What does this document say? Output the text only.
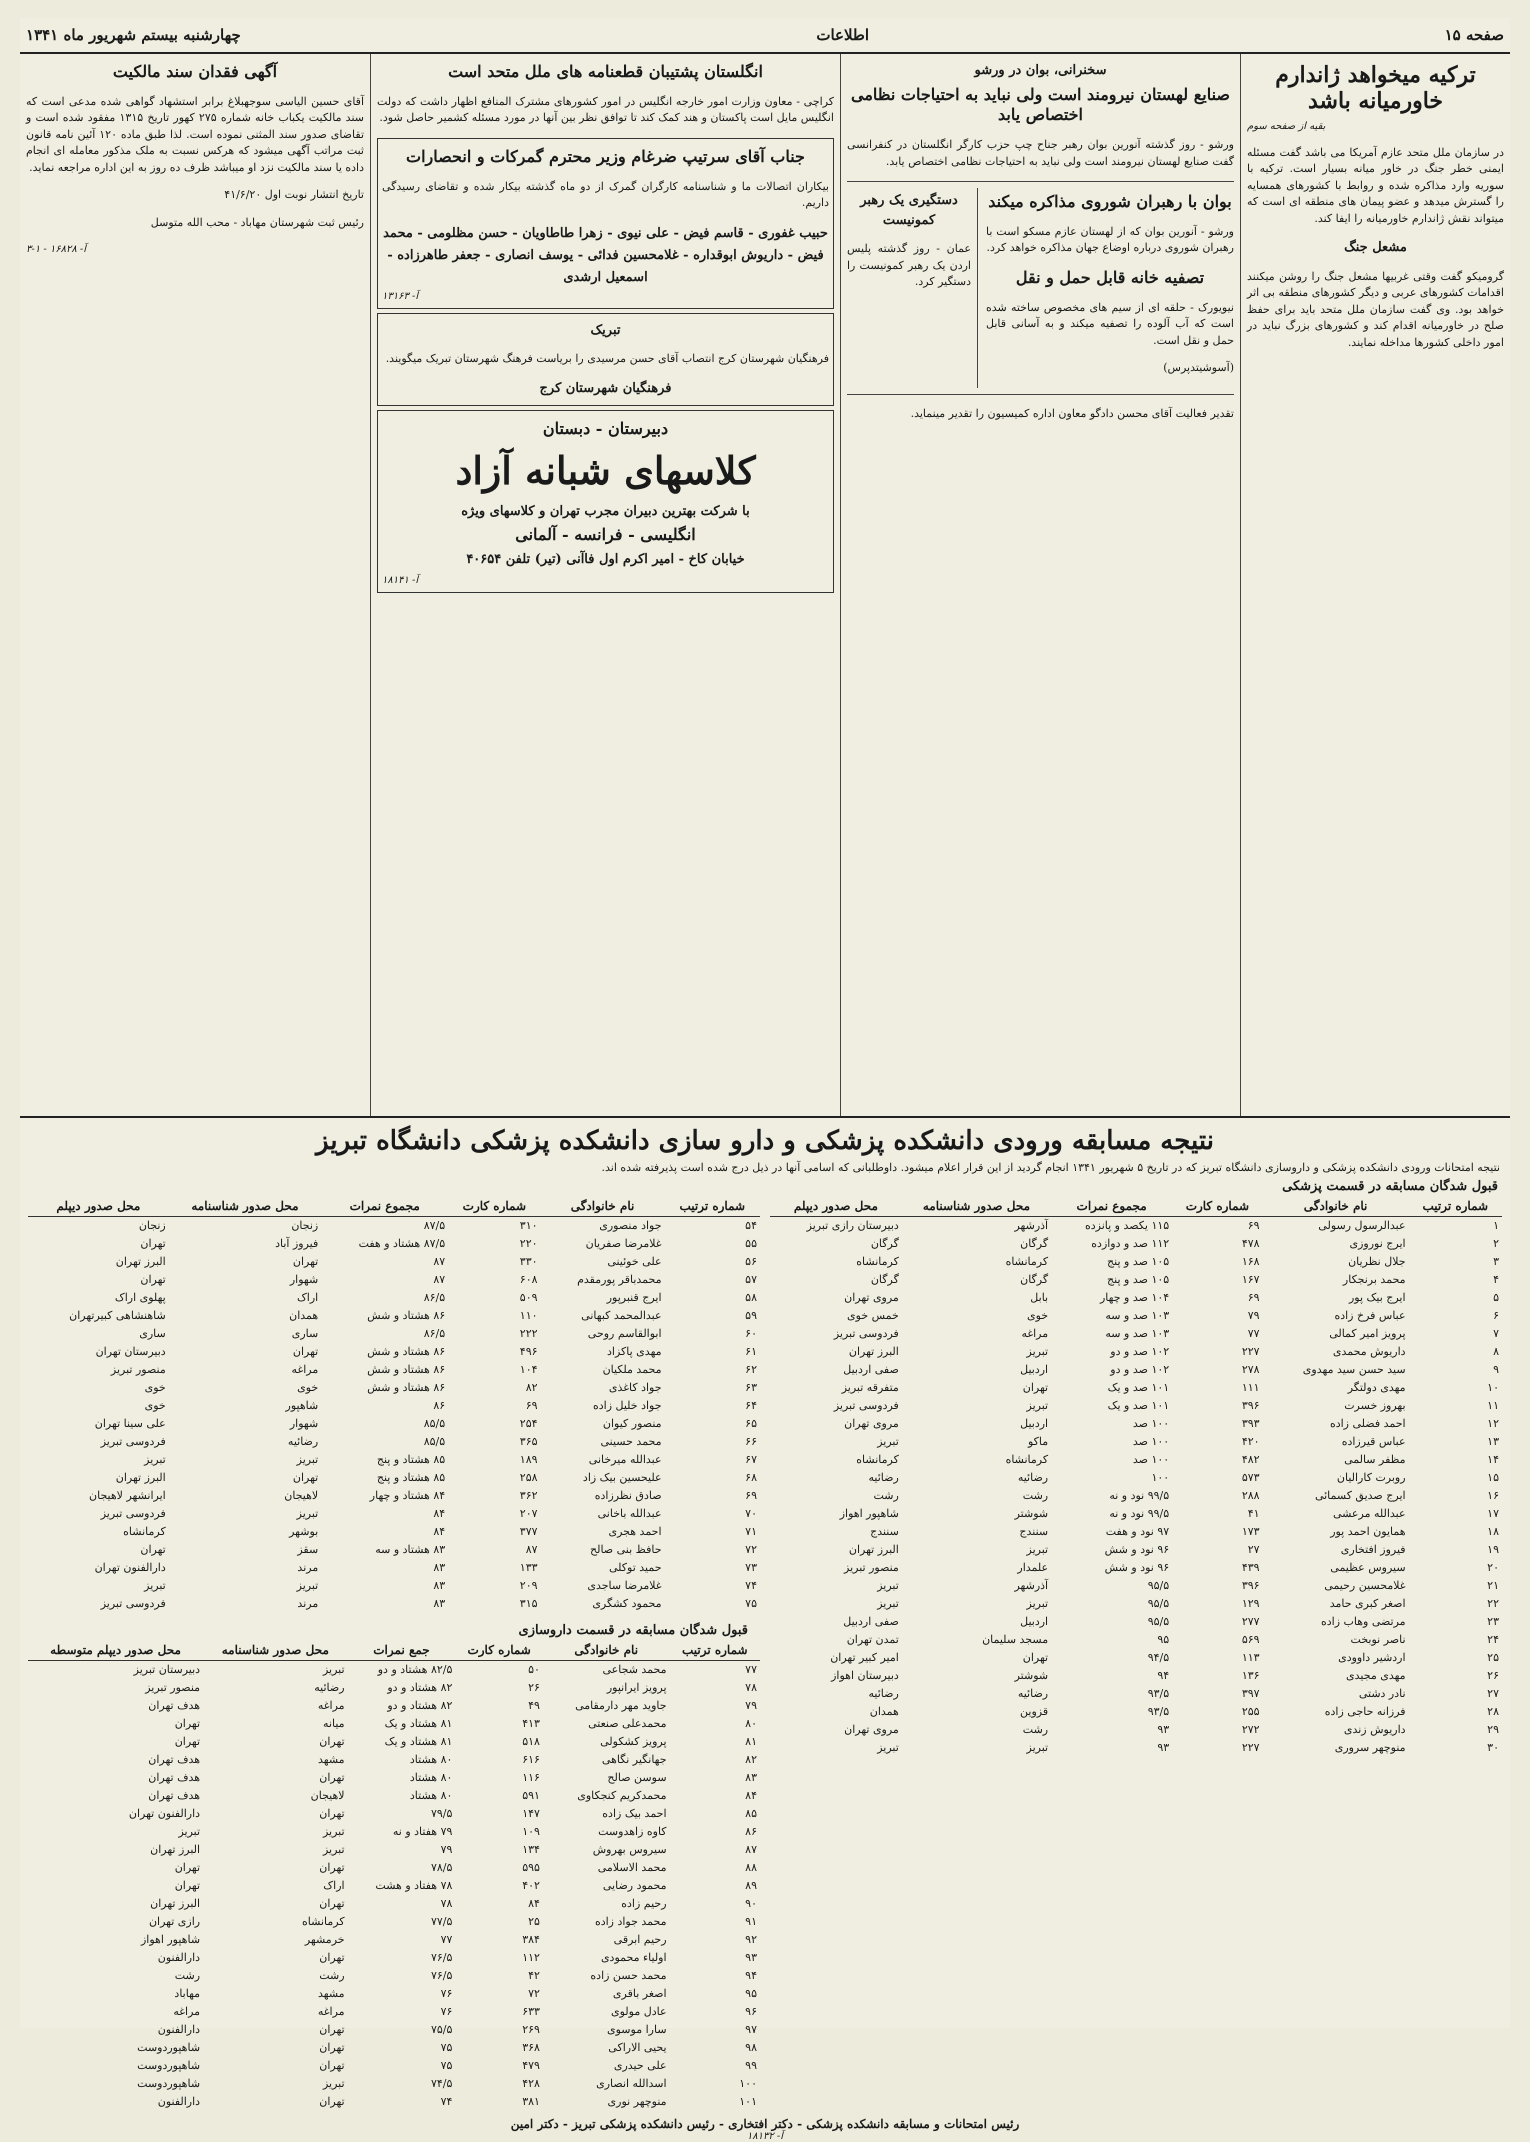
صفحه ۱۵
اطلاعات
چهارشنبه بیستم شهریور ماه ۱۳۴۱
ترکیه میخواهد ژاندارم خاورمیانه باشد
بقیه از صفحه سوم

در سازمان ملل متحد عازم آمریکا می باشد گفت مسئله ایمنی خطر جنگ در خاور میانه بسیار است. ترکیه با سوریه وارد مذاکره شده و روابط با کشورهای همسایه را گسترش میدهد و عضو پیمان های منطقه ای است که میتواند نقش ژاندارم خاورمیانه را ایفا کند.

مشعل جنگ

گرومیکو گفت وقتی غربیها مشعل جنگ را روشن میکنند اقدامات کشورهای عربی و دیگر کشورهای منطقه بی اثر خواهد بود. وی گفت سازمان ملل متحد باید برای حفظ صلح در خاورمیانه اقدام کند و کشورهای بزرگ نباید در امور داخلی کشورها مداخله نمایند.

سخنرانی، بوان در ورشو
صنایع لهستان نیرومند است ولی نباید به احتیاجات نظامی اختصاص یابد

ورشو - روز گذشته آنورین بوان رهبر جناح چپ حزب کارگر انگلستان در کنفرانسی گفت صنایع لهستان نیرومند است ولی نباید به احتیاجات نظامی اختصاص یابد.

بوان با رهبران شوروی مذاکره میکند

ورشو - آنورین بوان که از لهستان عازم مسکو است با رهبران شوروی درباره اوضاع جهان مذاکره خواهد کرد.

تصفیه خانه قابل حمل و نقل

نیویورک - حلقه ای از سیم های مخصوص ساخته شده است که آب آلوده را تصفیه میکند و به آسانی قابل حمل و نقل است.

(آسوشیتدپرس)

دستگیری یک رهبر کمونیست

عمان - روز گذشته پلیس اردن یک رهبر کمونیست را دستگیر کرد.

تقدیر فعالیت آقای محسن دادگو معاون اداره کمیسیون را تقدیر مینماید.

انگلستان پشتیبان قطعنامه های ملل متحد است

کراچی - معاون وزارت امور خارجه انگلیس در امور کشورهای مشترک المنافع اظهار داشت که دولت انگلیس مایل است پاکستان و هند کمک کند تا توافق نظر بین آنها در مورد مسئله کشمیر حاصل شود.

جناب آقای سرتیپ ضرغام وزیر محترم گمرکات و انحصارات

بیکاران اتصالات ما و شناسنامه کارگران گمرک از دو ماه گذشته بیکار شده و تقاضای رسیدگی داریم.

حبیب غفوری - قاسم فیض - علی نیوی - زهرا طاطاویان - حسن مظلومی - محمد فیض - داریوش ابوقداره - غلامحسین فدائی - یوسف انصاری - جعفر طاهرزاده - اسمعیل ارشدی
آ- ۱۳۱۶۳
تبریک

فرهنگیان شهرستان کرج انتصاب آقای حسن مرسیدی را بریاست فرهنگ شهرستان تبریک میگویند.

فرهنگیان شهرستان کرج
دبیرستان - دبستان
کلاسهای شبانه آزاد
با شرکت بهترین دبیران مجرب تهران و کلاسهای ویژه
انگلیسی - فرانسه - آلمانی
خیابان کاخ - امیر اکرم اول فاآنی (تیر) تلفن ۴۰۶۵۴
آ- ۱۸۱۴۱
آگهی فقدان سند مالکیت

آقای حسین الیاسی سوجهبلاغ برابر استشهاد گواهی شده مدعی است که سند مالکیت یکباب خانه شماره ۲۷۵ کهور تاریخ ۱۳۱۵ مفقود شده است و تقاضای صدور سند المثنی نموده است. لذا طبق ماده ۱۲۰ آئین نامه قانون ثبت مراتب آگهی میشود که هرکس نسبت به ملک مذکور معامله ای انجام داده یا سند مالکیت نزد او میباشد ظرف ده روز به این اداره مراجعه نماید.

تاریخ انتشار نوبت اول ۴۱/۶/۲۰

رئیس ثبت شهرستان مهاباد - محب الله متوسل

آ- ۱۶۸۲۸ - ۱-۳
نتیجه مسابقه ورودی دانشکده پزشکی و دارو سازی دانشکده پزشکی دانشگاه تبریز
نتیجه امتحانات ورودی دانشکده پزشکی و داروسازی دانشگاه تبریز که در تاریخ ۵ شهریور ۱۳۴۱ انجام گردید از این قرار اعلام میشود. داوطلبانی که اسامی آنها در ذیل درج شده است پذیرفته شده اند.
قبول شدگان مسابقه در قسمت پزشکی
شماره ترتیب	نام خانوادگی	شماره کارت	مجموع نمرات	محل صدور شناسنامه	محل صدور دیپلم
۱	عبدالرسول رسولی	۶۹	۱۱۵ یکصد و پانزده	آذرشهر	دبیرستان رازی تبریز
۲	ایرج نوروزی	۴۷۸	۱۱۲ صد و دوازده	گرگان	گرگان
۳	جلال نظریان	۱۶۸	۱۰۵ صد و پنج	کرمانشاه	کرمانشاه
۴	محمد برنجکار	۱۶۷	۱۰۵ صد و پنج	گرگان	گرگان
۵	ایرج بیک پور	۶۹	۱۰۴ صد و چهار	بابل	مروی تهران
۶	عباس فرخ زاده	۷۹	۱۰۳ صد و سه	خوی	خمس خوی
۷	پرویز امیر کمالی	۷۷	۱۰۳ صد و سه	مراغه	فردوسی تبریز
۸	داریوش محمدی	۲۲۷	۱۰۲ صد و دو	تبریز	البرز تهران
۹	سید حسن سید مهدوی	۲۷۸	۱۰۲ صد و دو	اردبیل	صفی اردبیل
۱۰	مهدی دولتگر	۱۱۱	۱۰۱ صد و یک	تهران	متفرقه تبریز
۱۱	بهروز خسرت	۳۹۶	۱۰۱ صد و یک	تبریز	فردوسی تبریز
۱۲	احمد فضلی زاده	۳۹۳	۱۰۰ صد	اردبیل	مروی تهران
۱۳	عباس قیرزاده	۴۲۰	۱۰۰ صد	ماکو	تبریز
۱۴	مظفر سالمی	۴۸۲	۱۰۰ صد	کرمانشاه	کرمانشاه
۱۵	روبرت کارالیان	۵۷۳	۱۰۰	رضائیه	رضائیه
۱۶	ایرج صدیق کسمائی	۲۸۸	۹۹/۵ نود و نه	رشت	رشت
۱۷	عبدالله مرعشی	۴۱	۹۹/۵ نود و نه	شوشتر	شاهپور اهواز
۱۸	همایون احمد پور	۱۷۳	۹۷ نود و هفت	سنندج	سنندج
۱۹	فیروز افتخاری	۲۷	۹۶ نود و شش	تبریز	البرز تهران
۲۰	سیروس عظیمی	۴۳۹	۹۶ نود و شش	علمدار	منصور تبریز
۲۱	غلامحسین رحیمی	۳۹۶	۹۵/۵	آذرشهر	تبریز
۲۲	اصغر کبری حامد	۱۲۹	۹۵/۵	تبریز	تبریز
۲۳	مرتضی وهاب زاده	۲۷۷	۹۵/۵	اردبیل	صفی اردبیل
۲۴	ناصر نوبخت	۵۶۹	۹۵	مسجد سلیمان	تمدن تهران
۲۵	اردشیر داوودی	۱۱۳	۹۴/۵	تهران	امیر کبیر تهران
۲۶	مهدی مجیدی	۱۳۶	۹۴	شوشتر	دبیرستان اهواز
۲۷	نادر دشتی	۳۹۷	۹۳/۵	رضائیه	رضائیه
۲۸	فرزانه حاجی زاده	۲۵۵	۹۳/۵	قزوین	همدان
۲۹	داریوش زندی	۲۷۲	۹۳	رشت	مروی تهران
۳۰	منوچهر سروری	۲۲۷	۹۳	تبریز	تبریز
شماره ترتیب	نام خانوادگی	شماره کارت	مجموع نمرات	محل صدور شناسنامه	محل صدور دیپلم
۵۴	جواد منصوری	۳۱۰	۸۷/۵	زنجان	زنجان
۵۵	غلامرضا صفریان	۲۲۰	۸۷/۵ هشتاد و هفت	فیروز آباد	تهران
۵۶	علی خوئینی	۳۳۰	۸۷	تهران	البرز تهران
۵۷	محمدباقر پورمقدم	۶۰۸	۸۷	شهوار	تهران
۵۸	ایرج قنبرپور	۵۰۹	۸۶/۵	اراک	پهلوی اراک
۵۹	عبدالمحمد کبهانی	۱۱۰	۸۶ هشتاد و شش	همدان	شاهنشاهی کبیرتهران
۶۰	ابوالقاسم روحی	۲۲۲	۸۶/۵	ساری	ساری
۶۱	مهدی پاکزاد	۴۹۶	۸۶ هشتاد و شش	تهران	دبیرستان تهران
۶۲	محمد ملکیان	۱۰۴	۸۶ هشتاد و شش	مراغه	منصور تبریز
۶۳	جواد کاغذی	۸۲	۸۶ هشتاد و شش	خوی	خوی
۶۴	جواد خلیل زاده	۶۹	۸۶	شاهپور	خوی
۶۵	منصور کیوان	۲۵۴	۸۵/۵	شهوار	علی سینا تهران
۶۶	محمد حسینی	۳۶۵	۸۵/۵	رضائیه	فردوسی تبریز
۶۷	عبدالله میرخانی	۱۸۹	۸۵ هشتاد و پنج	تبریز	تبریز
۶۸	علیحسین بیک زاد	۲۵۸	۸۵ هشتاد و پنج	تهران	البرز تهران
۶۹	صادق نظرزاده	۳۶۲	۸۴ هشتاد و چهار	لاهیجان	ایرانشهر لاهیجان
۷۰	عبدالله باخانی	۲۰۷	۸۴	تبریز	فردوسی تبریز
۷۱	احمد هجری	۳۷۷	۸۴	بوشهر	کرمانشاه
۷۲	حافظ بنی صالح	۸۷	۸۳ هشتاد و سه	سقز	تهران
۷۳	حمید توکلی	۱۳۳	۸۳	مرند	دارالفنون تهران
۷۴	غلامرضا ساجدی	۲۰۹	۸۳	تبریز	تبریز
۷۵	محمود کشگری	۳۱۵	۸۳	مرند	فردوسی تبریز
قبول شدگان مسابقه در قسمت داروسازی
شماره ترتیب	نام خانوادگی	شماره کارت	جمع نمرات	محل صدور شناسنامه	محل صدور دیپلم متوسطه
۷۷	محمد شجاعی	۵۰	۸۲/۵ هشتاد و دو	تبریز	دبیرستان تبریز
۷۸	پرویز ایرانپور	۲۶	۸۲ هشتاد و دو	رضائیه	منصور تبریز
۷۹	جاوید مهر دارمقامی	۴۹	۸۲ هشتاد و دو	مراغه	هدف تهران
۸۰	محمدعلی صنعتی	۴۱۳	۸۱ هشتاد و یک	میانه	تهران
۸۱	پرویز کشکولی	۵۱۸	۸۱ هشتاد و یک	تهران	تهران
۸۲	جهانگیر نگاهی	۶۱۶	۸۰ هشتاد	مشهد	هدف تهران
۸۳	سوسن صالح	۱۱۶	۸۰ هشتاد	تهران	هدف تهران
۸۴	محمدکریم کنجکاوی	۵۹۱	۸۰ هشتاد	لاهیجان	هدف تهران
۸۵	احمد بیک زاده	۱۴۷	۷۹/۵	تهران	دارالفنون تهران
۸۶	کاوه زاهدوست	۱۰۹	۷۹ هفتاد و نه	تبریز	تبریز
۸۷	سیروس بهروش	۱۳۴	۷۹	تبریز	البرز تهران
۸۸	محمد الاسلامی	۵۹۵	۷۸/۵	تهران	تهران
۸۹	محمود رضایی	۴۰۲	۷۸ هفتاد و هشت	اراک	تهران
۹۰	رحیم زاده	۸۴	۷۸	تهران	البرز تهران
۹۱	محمد جواد زاده	۲۵	۷۷/۵	کرمانشاه	رازی تهران
۹۲	رحیم ابرقی	۳۸۴	۷۷	خرمشهر	شاهپور اهواز
۹۳	اولیاء محمودی	۱۱۲	۷۶/۵	تهران	دارالفنون
۹۴	محمد حسن زاده	۴۲	۷۶/۵	رشت	رشت
۹۵	اصغر باقری	۷۲	۷۶	مشهد	مهاباد
۹۶	عادل مولوی	۶۳۳	۷۶	مراغه	مراغه
۹۷	سارا موسوی	۲۶۹	۷۵/۵	تهران	دارالفنون
۹۸	یحیی الاراکی	۳۶۸	۷۵	تهران	شاهپوردوست
۹۹	علی حیدری	۴۷۹	۷۵	تهران	شاهپوردوست
۱۰۰	اسدالله انصاری	۴۲۸	۷۴/۵	تبریز	شاهپوردوست
۱۰۱	منوچهر نوری	۳۸۱	۷۴	تهران	دارالفنون
رئیس امتحانات و مسابقه دانشکده پزشکی - دکتر افتخاری - رئیس دانشکده پزشکی تبریز - دکتر امین
آ- ۱۸۱۳۲
